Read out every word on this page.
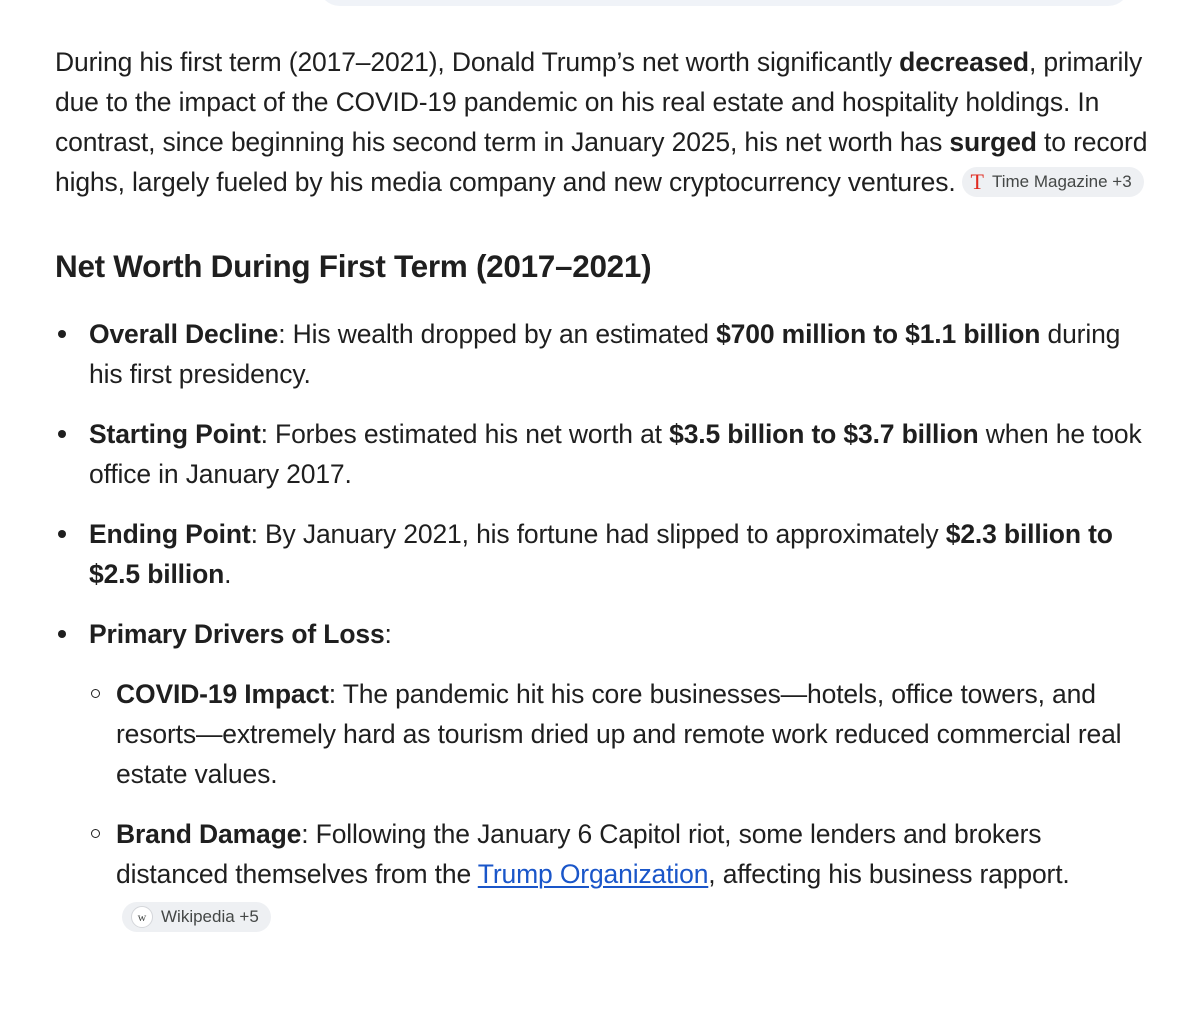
During his first term (2017–2021), Donald Trump’s net worth significantly decreased, primarily due to the impact of the COVID-19 pandemic on his real estate and hospitality holdings. In contrast, since beginning his second term in January 2025, his net worth has surged to record highs, largely fueled by his media company and new cryptocurrency ventures. T Time Magazine +3

Net Worth During First Term (2017–2021)
Overall Decline: His wealth dropped by an estimated $700 million to $1.1 billion during his first presidency.
Starting Point: Forbes estimated his net worth at $3.5 billion to $3.7 billion when he took office in January 2017.
Ending Point: By January 2021, his fortune had slipped to approximately $2.3 billion to $2.5 billion.
Primary Drivers of Loss:
COVID-19 Impact: The pandemic hit his core businesses—hotels, office towers, and resorts—extremely hard as tourism dried up and remote work reduced commercial real estate values.
Brand Damage: Following the January 6 Capitol riot, some lenders and brokers distanced themselves from the Trump Organization, affecting his business rapport.
w Wikipedia +5
